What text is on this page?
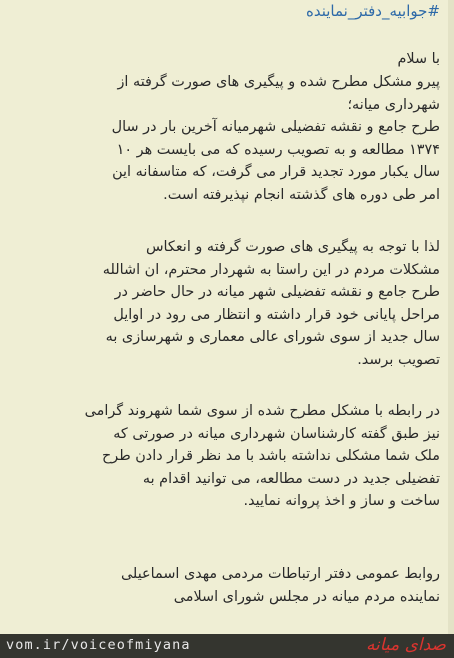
#جوابیه_دفتر_نماینده

با سلام

پیرو مشکل مطرح شده و پیگیری های صورت گرفته از

شهرداری میانه؛

طرح جامع و نقشه تفضیلی شهرمیانه آخرین بار در سال

۱۳۷۴ مطالعه و به تصویب رسیده که می بایست هر ۱۰

سال یکبار مورد تجدید قرار می گرفت، که متاسفانه این

امر طی دوره های گذشته انجام نپذیرفته است.

لذا با توجه به پیگیری های صورت گرفته و انعکاس

مشکلات مردم در این راستا به شهردار محترم، ان اشالله

طرح جامع و نقشه تفضیلی شهر میانه در حال حاضر در

مراحل پایانی خود قرار داشته و انتظار می رود در اوایل

سال جدید از سوی شورای عالی معماری و شهرسازی به

تصویب برسد.

در رابطه با مشکل مطرح شده از سوی شما شهروند گرامی

نیز طبق گفته کارشناسان شهرداری میانه در صورتی که

ملک شما مشکلی نداشته باشد با مد نظر قرار دادن طرح

تفضیلی جدید در دست مطالعه، می توانید اقدام به

ساخت و ساز و اخذ پروانه نمایید.

روابط عمومی دفتر ارتباطات مردمی مهدی اسماعیلی

نماینده مردم میانه در مجلس شورای اسلامی

vom.ir/voiceofmiyana	صدای میانه
